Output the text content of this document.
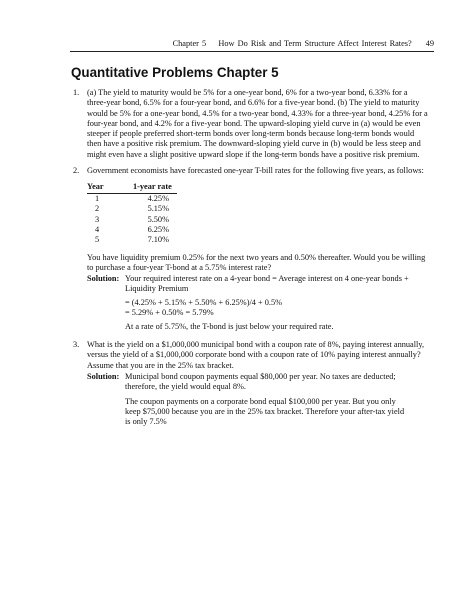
Chapter 5    How Do Risk and Term Structure Affect Interest Rates? 49
Quantitative Problems Chapter 5
1. (a) The yield to maturity would be 5% for a one-year bond, 6% for a two-year bond, 6.33% for a
three-year bond, 6.5% for a four-year bond, and 6.6% for a five-year bond. (b) The yield to maturity
would be 5% for a one-year bond, 4.5% for a two-year bond, 4.33% for a three-year bond, 4.25% for a
four-year bond, and 4.2% for a five-year bond. The upward-sloping yield curve in (a) would be even
steeper if people preferred short-term bonds over long-term bonds because long-term bonds would
then have a positive risk premium. The downward-sloping yield curve in (b) would be less steep and
might even have a slight positive upward slope if the long-term bonds have a positive risk premium.
2. Government economists have forecasted one-year T-bill rates for the following five years, as follows:
Year	1-year rate
1	4.25%
2	5.15%
3	5.50%
4	6.25%
5	7.10%
You have liquidity premium 0.25% for the next two years and 0.50% thereafter. Would you be willing
to purchase a four-year T-bond at a 5.75% interest rate?
Solution: Your required interest rate on a 4-year bond = Average interest on 4 one-year bonds +
Liquidity Premium
= (4.25% + 5.15% + 5.50% + 6.25%)/4 + 0.5%
= 5.29% + 0.50% = 5.79%
At a rate of 5.75%, the T-bond is just below your required rate.
3. What is the yield on a $1,000,000 municipal bond with a coupon rate of 8%, paying interest annually,
versus the yield of a $1,000,000 corporate bond with a coupon rate of 10% paying interest annually?
Assume that you are in the 25% tax bracket.
Solution: Municipal bond coupon payments equal $80,000 per year. No taxes are deducted;
therefore, the yield would equal 8%.
The coupon payments on a corporate bond equal $100,000 per year. But you only
keep $75,000 because you are in the 25% tax bracket. Therefore your after-tax yield
is only 7.5%
